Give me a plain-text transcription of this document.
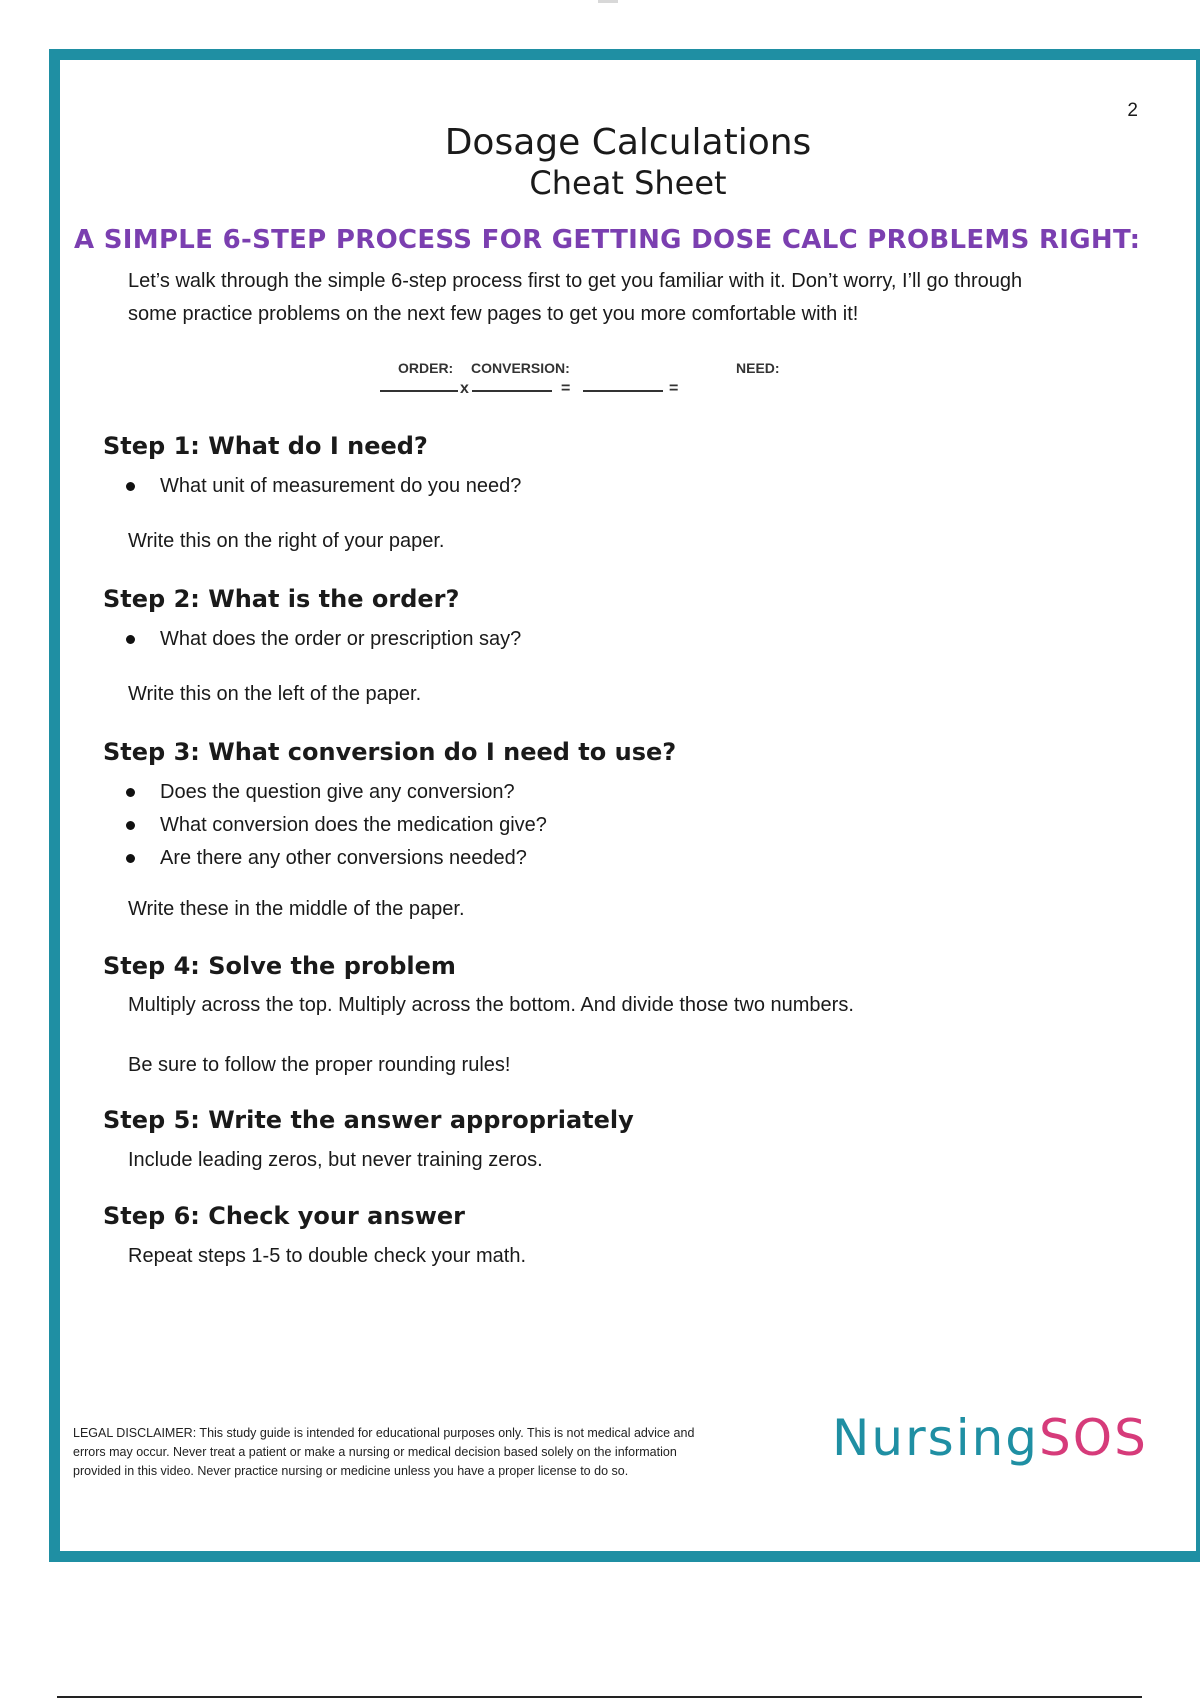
2
Dosage Calculations
Cheat Sheet
A SIMPLE 6-STEP PROCESS FOR GETTING DOSE CALC PROBLEMS RIGHT:
Let’s walk through the simple 6-step process first to get you familiar with it. Don’t worry, I’ll go through
some practice problems on the next few pages to get you more comfortable with it!
ORDER: CONVERSION:	NEED:
x	=	=
Step 1: What do I need?
What unit of measurement do you need?
Write this on the right of your paper.
Step 2: What is the order?
What does the order or prescription say?
Write this on the left of the paper.
Step 3: What conversion do I need to use?
Does the question give any conversion?
What conversion does the medication give?
Are there any other conversions needed?
Write these in the middle of the paper.
Step 4: Solve the problem
Multiply across the top. Multiply across the bottom. And divide those two numbers.
Be sure to follow the proper rounding rules!
Step 5: Write the answer appropriately
Include leading zeros, but never training zeros.
Step 6: Check your answer
Repeat steps 1-5 to double check your math.
LEGAL DISCLAIMER: This study guide is intended for educational purposes only. This is not medical advice and
errors may occur. Never treat a patient or make a nursing or medical decision based solely on the information
provided in this video. Never practice nursing or medicine unless you have a proper license to do so.
NursingSOS
